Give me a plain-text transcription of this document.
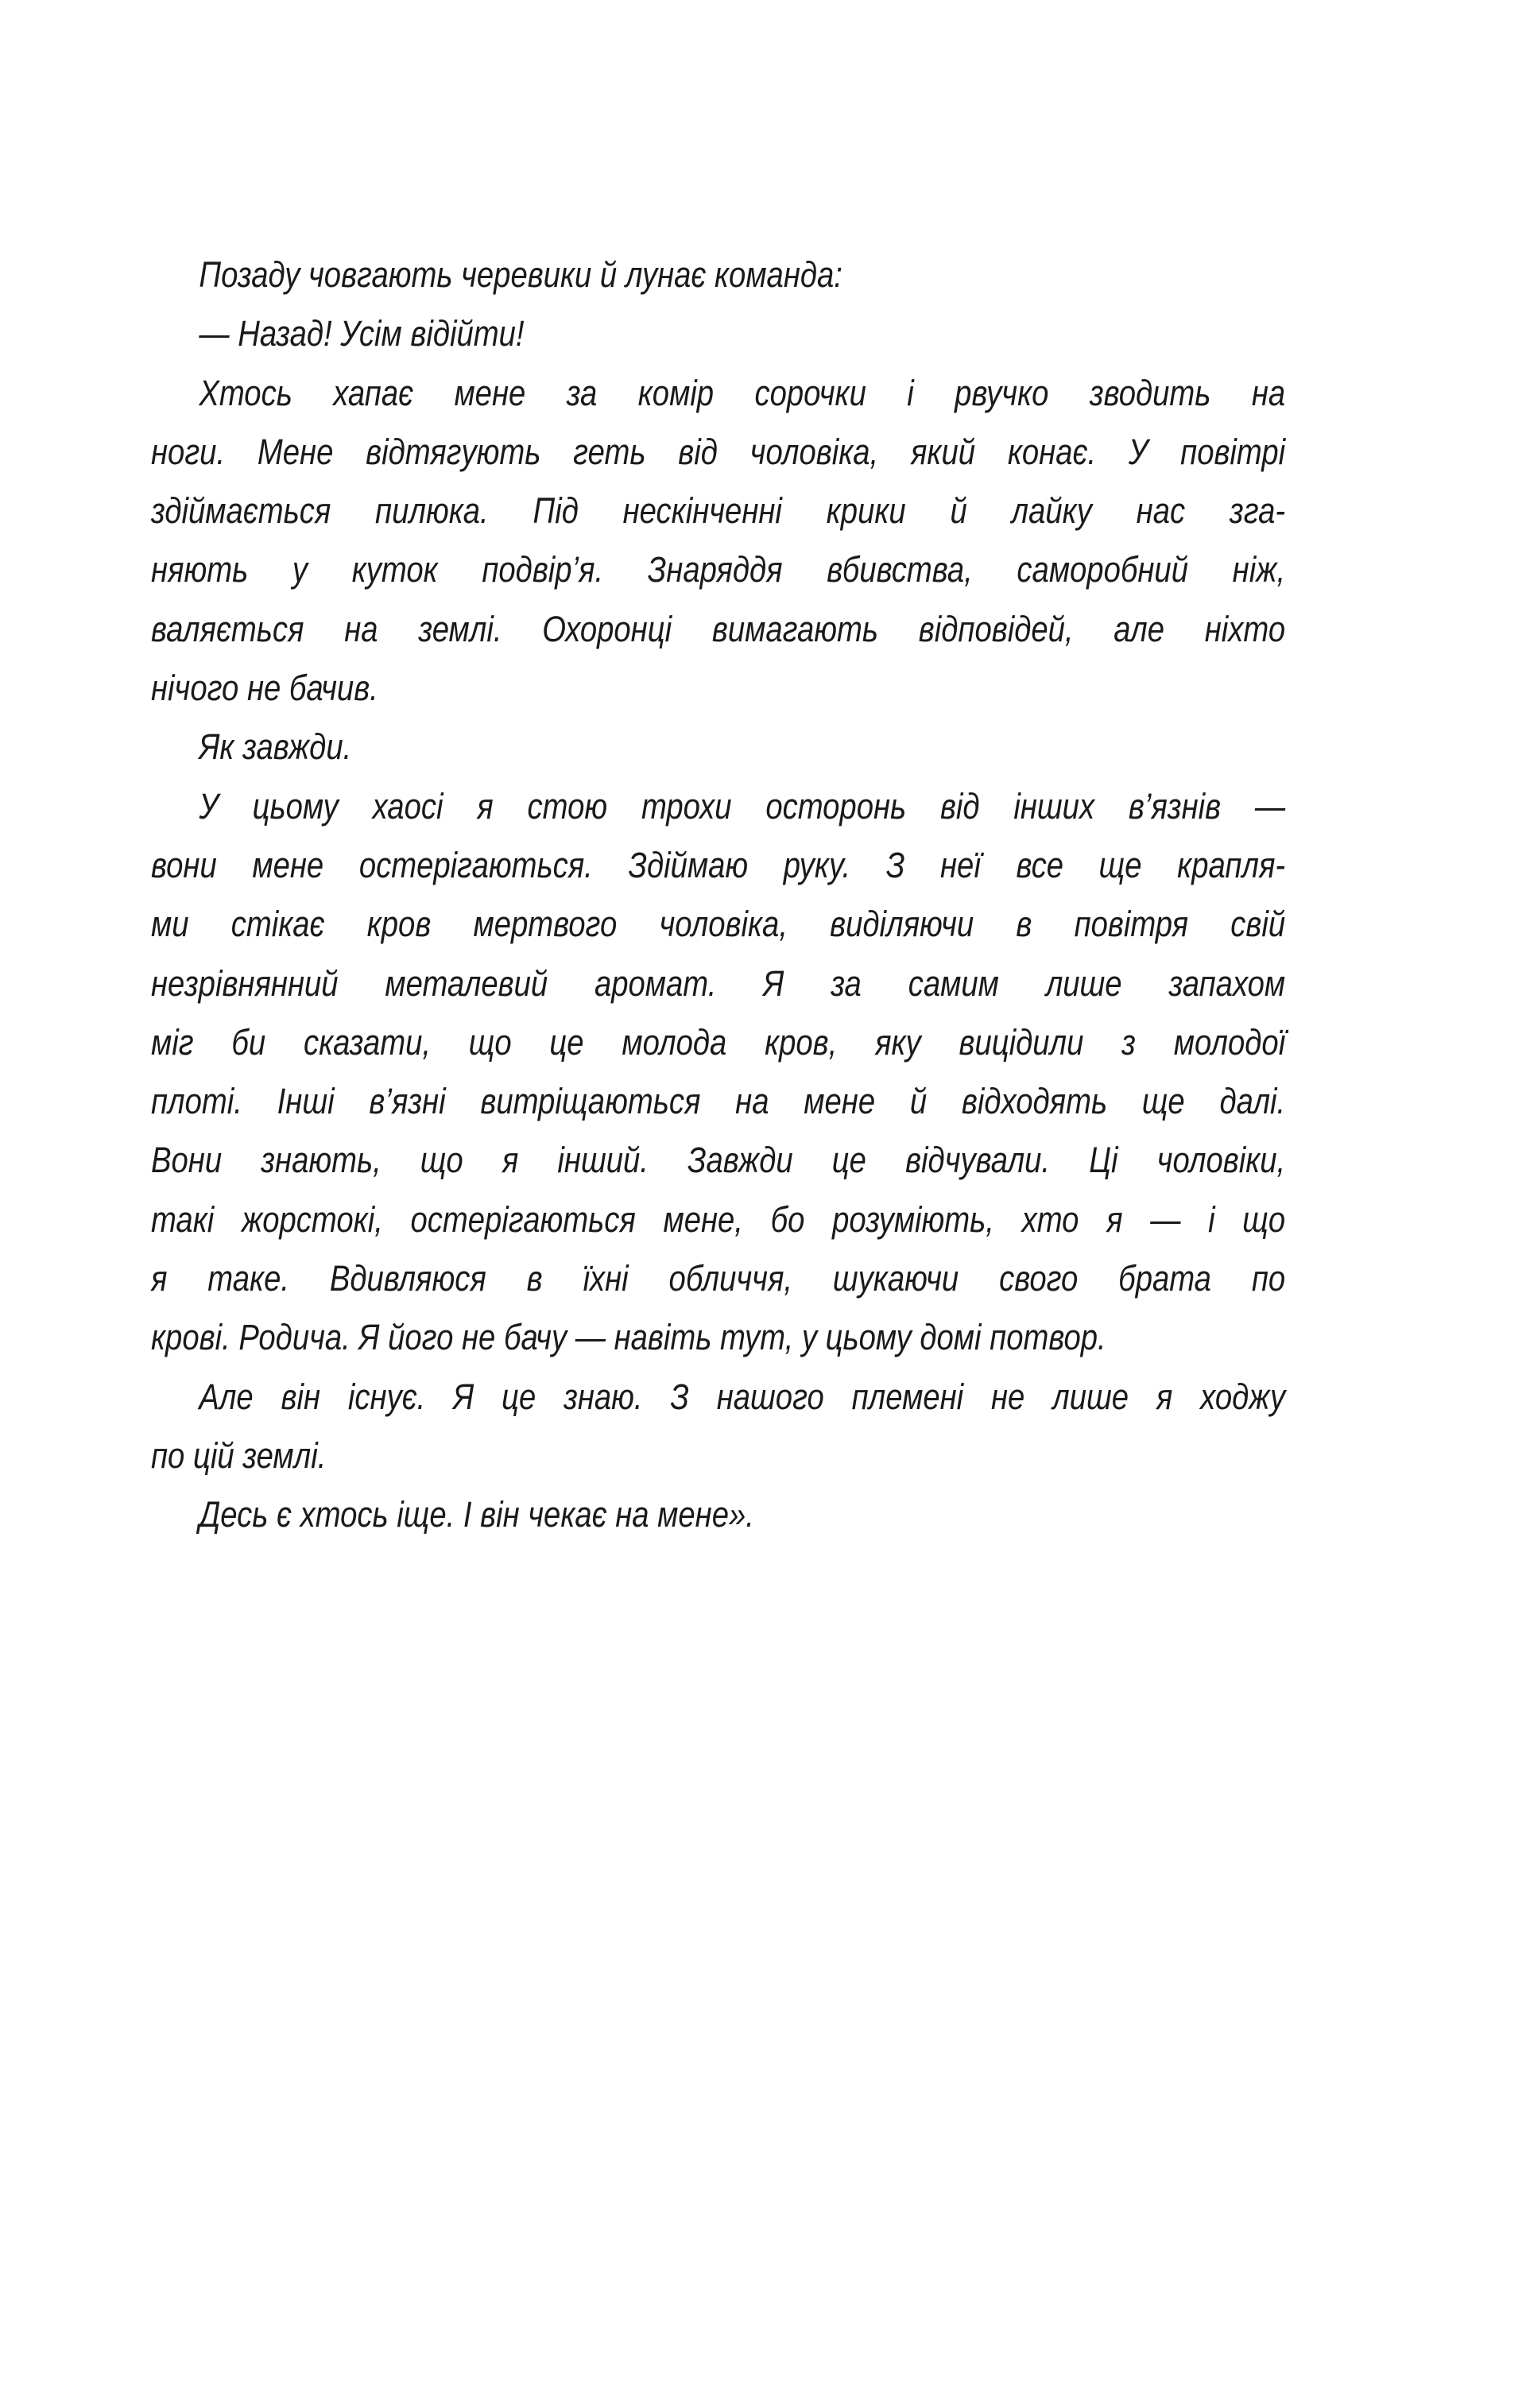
Позаду човгають черевики й лунає команда:
— Назад! Усім відійти!
Хтось хапає мене за комір сорочки і рвучко зводить на
ноги. Мене відтягують геть від чоловіка, який конає. У повітрі
здіймається пилюка. Під нескінченні крики й лайку нас зга-
няють у куток подвір’я. Знаряддя вбивства, саморобний ніж,
валяється на землі. Охоронці вимагають відповідей, але ніхто
нічого не бачив.
Як завжди.
У цьому хаосі я стою трохи осторонь від інших в’язнів —
вони мене остерігаються. Здіймаю руку. З неї все ще крапля-
ми стікає кров мертвого чоловіка, виділяючи в повітря свій
незрівнянний металевий аромат. Я за самим лише запахом
міг би сказати, що це молода кров, яку вицідили з молодої
плоті. Інші в’язні витріщаються на мене й відходять ще далі.
Вони знають, що я інший. Завжди це відчували. Ці чоловіки,
такі жорстокі, остерігаються мене, бо розуміють, хто я — і що
я таке. Вдивляюся в їхні обличчя, шукаючи свого брата по
крові. Родича. Я його не бачу — навіть тут, у цьому домі потвор.
Але він існує. Я це знаю. З нашого племені не лише я ходжу
по цій землі.
Десь є хтось іще. І він чекає на мене».
